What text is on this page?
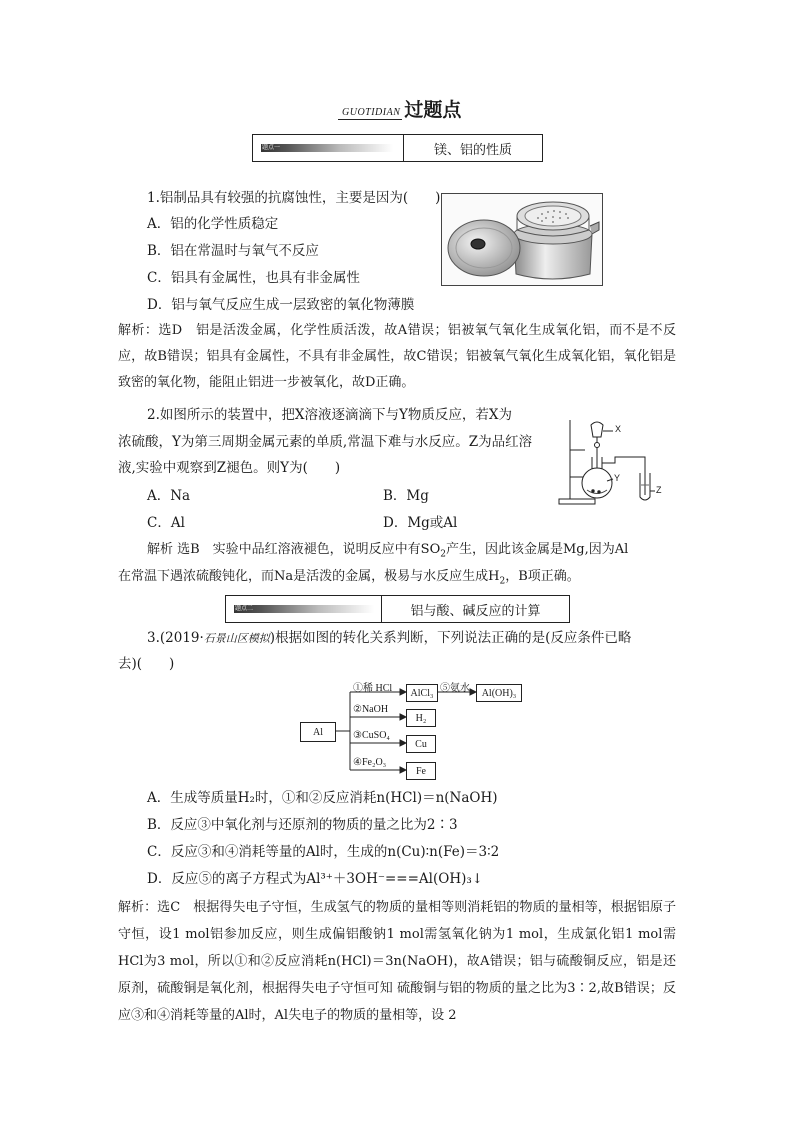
GUOTIDIAN 过题点
题点一	镁、铝的性质
1.铝制品具有较强的抗腐蚀性，主要是因为(　　)
A．铝的化学性质稳定
B．铝在常温时与氧气不反应
C．铝具有金属性，也具有非金属性
D．铝与氧气反应生成一层致密的氧化物薄膜
解析：选D　铝是活泼金属，化学性质活泼，故A错误；铝被氧气氧化生成氧化铝，而不是不反应，故B错误；铝具有金属性，不具有非金属性，故C错误；铝被氧气氧化生成氧化铝，氧化铝是致密的氧化物，能阻止铝进一步被氧化，故D正确。
2.如图所示的装置中，把X溶液逐滴滴下与Y物质反应，若X为
浓硫酸，Y为第三周期金属元素的单质,常温下难与水反应。Z为品红溶
液,实验中观察到Z褪色。则Y为(　　)
A．Na	B．Mg
C．Al	D．Mg或Al
X
Y
Z
解析 选B　实验中品红溶液褪色，说明反应中有$SO_2$产生，因此该金属是Mg,因为Al
在常温下遇浓硫酸钝化，而Na是活泼的金属，极易与水反应生成$H_2$，B项正确。
题点二	铝与酸、碱反应的计算
3.(2019·石景山区模拟)根据如图的转化关系判断，下列说法正确的是(反应条件已略
去)(　　)
Al
①稀 HCl	AlCl₃ ⑤氨水	Al(OH)₃
②NaOH
H₂
③CuSO₄
Cu
④Fe₂O₃
Fe
A．生成等质量H₂时，①和②反应消耗n(HCl)＝n(NaOH)
B．反应③中氧化剂与还原剂的物质的量之比为2∶3
C．反应③和④消耗等量的Al时，生成的n(Cu)∶n(Fe)＝3∶2
D．反应⑤的离子方程式为Al³⁺＋3OH⁻===Al(OH)₃↓
解析：选C　根据得失电子守恒，生成氢气的物质的量相等则消耗铝的物质的量相等，根据铝原子守恒，设1 mol铝参加反应，则生成偏铝酸钠1 mol需氢氧化钠为1 mol，生成氯化铝1 mol需HCl为3 mol，所以①和②反应消耗n(HCl)＝3n(NaOH)，故A错误；铝与硫酸铜反应，铝是还原剂，硫酸铜是氧化剂，根据得失电子守恒可知 硫酸铜与铝的物质的量之比为3∶2,故B错误；反应③和④消耗等量的Al时，Al失电子的物质的量相等，设 2
